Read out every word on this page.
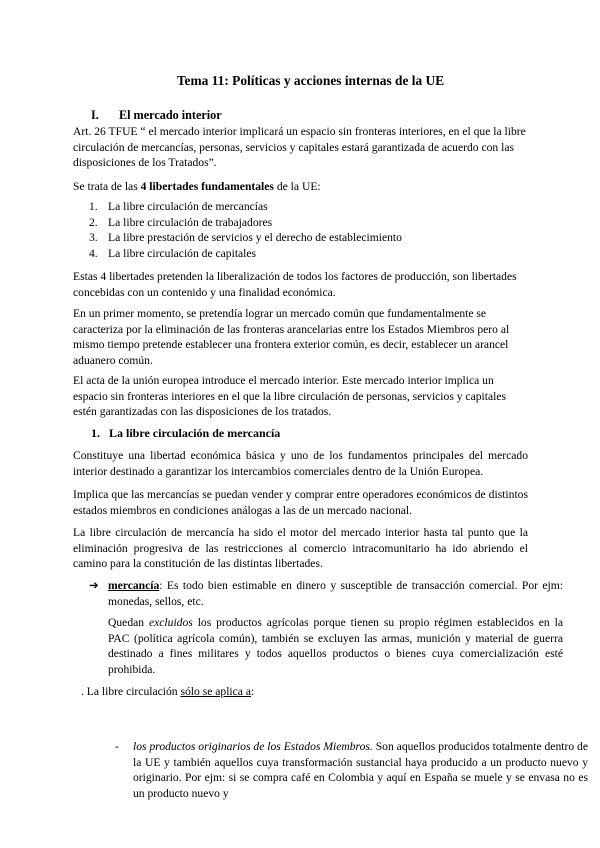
Tema 11: Políticas y acciones internas de la UE
I. El mercado interior

Art. 26 TFUE “ el mercado interior implicará un espacio sin fronteras interiores, en el que la libre circulación de mercancías, personas, servicios y capitales estará garantizada de acuerdo con las disposiciones de los Tratados”.

Se trata de las 4 libertades fundamentales de la UE:

1. La libre circulación de mercancías
2. La libre circulación de trabajadores
3. La libre prestación de servicios y el derecho de establecimiento
4. La libre circulación de capitales

Estas 4 libertades pretenden la liberalización de todos los factores de producción, son libertades concebidas con un contenido y una finalidad económica.

En un primer momento, se pretendía lograr un mercado común que fundamentalmente se caracteriza por la eliminación de las fronteras arancelarias entre los Estados Miembros pero al mismo tiempo pretende establecer una frontera exterior común, es decir, establecer un arancel aduanero común.

El acta de la unión europea introduce el mercado interior. Este mercado interior implica un espacio sin fronteras interiores en el que la libre circulación de personas, servicios y capitales estén garantizadas con las disposiciones de los tratados.

1. La libre circulación de mercancía

Constituye una libertad económica básica y uno de los fundamentos principales del mercado interior destinado a garantizar los intercambios comerciales dentro de la Unión Europea.

Implica que las mercancías se puedan vender y comprar entre operadores económicos de distintos estados miembros en condiciones análogas a las de un mercado nacional.

La libre circulación de mercancía ha sido el motor del mercado interior hasta tal punto que la eliminación progresiva de las restricciones al comercio intracomunitario ha ido abriendo el camino para la constitución de las distintas libertades.

➔ mercancía: Es todo bien estimable en dinero y susceptible de transacción comercial. Por ejm: monedas, sellos, etc.

Quedan excluidos los productos agrícolas porque tienen su propio régimen establecidos en la PAC (política agrícola común), también se excluyen las armas, munición y material de guerra destinado a fines militares y todos aquellos productos o bienes cuya comercialización esté prohibida.

. La libre circulación sólo se aplica a:

- los productos originarios de los Estados Miembros. Son aquellos producidos totalmente dentro de la UE y también aquellos cuya transformación sustancial haya producido a un producto nuevo y originario. Por ejm: si se compra café en Colombia y aquí en España se muele y se envasa no es un producto nuevo y
